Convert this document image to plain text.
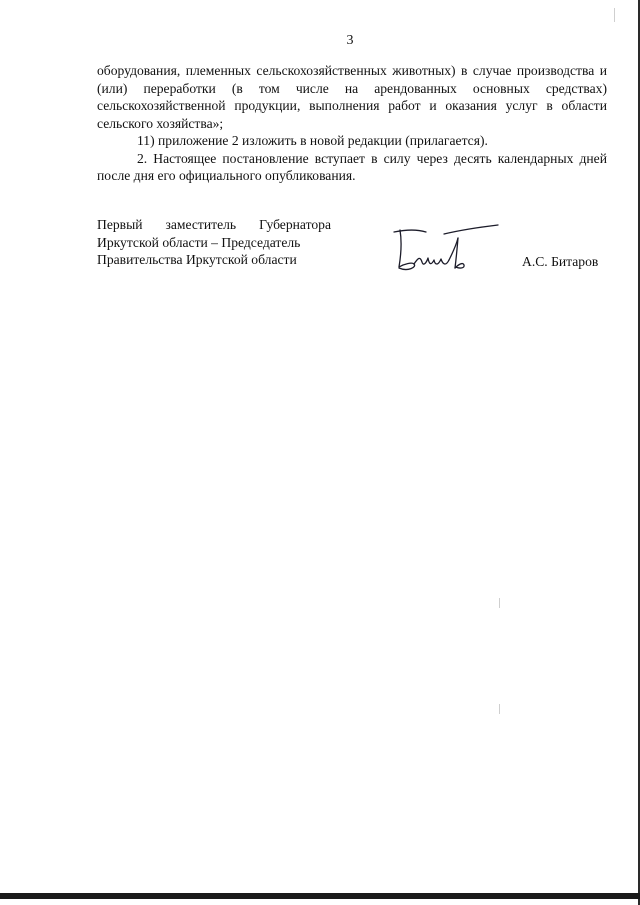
3

оборудования, племенных сельскохозяйственных животных) в случае производства и (или) переработки (в том числе на арендованных основных средствах) сельскохозяйственной продукции, выполнения работ и оказания услуг в области сельского хозяйства»;

11) приложение 2 изложить в новой редакции (прилагается).

2. Настоящее постановление вступает в силу через десять календарных дней после дня его официального опубликования.

Первый заместитель Губернатора
Иркутской области – Председатель
Правительства Иркутской области	А.С. Битаров
